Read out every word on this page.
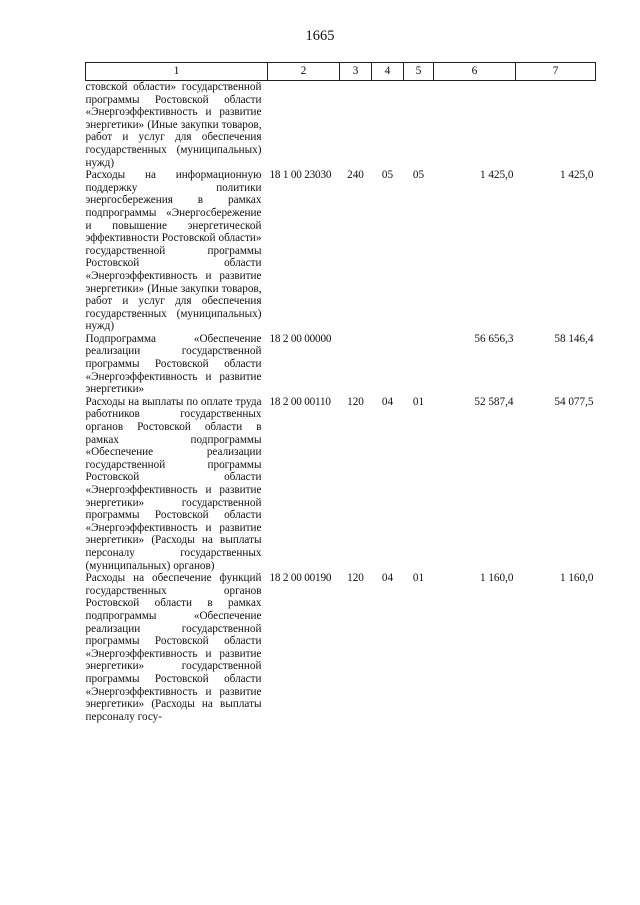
1665
1	2	3	4	5	6	7
стовской области» государственной программы Ростовской области «Энергоэффективность и развитие энергетики» (Иные закупки товаров, работ и услуг для обеспечения государственных (муниципальных) нужд)						
Расходы на информационную поддержку политики энергосбережения в рамках подпрограммы «Энергосбережение и повышение энергетической эффективности Ростовской области» государственной программы Ростовской области «Энергоэффективность и развитие энергетики» (Иные закупки товаров, работ и услуг для обеспечения государственных (муниципальных) нужд)	18 1 00 23030	240	05	05	1 425,0	1 425,0
Подпрограмма «Обеспечение реализации государственной программы Ростовской области «Энергоэффективность и развитие энергетики»	18 2 00 00000				56 656,3	58 146,4
Расходы на выплаты по оплате труда работников государственных органов Ростовской области в рамках подпрограммы «Обеспечение реализации государственной программы Ростовской области «Энергоэффективность и развитие энергетики» государственной программы Ростовской области «Энергоэффективность и развитие энергетики» (Расходы на выплаты персоналу государственных (муниципальных) органов)	18 2 00 00110	120	04	01	52 587,4	54 077,5
Расходы на обеспечение функций государственных органов Ростовской области в рамках подпрограммы «Обеспечение реализации государственной программы Ростовской области «Энергоэффективность и развитие энергетики» государственной программы Ростовской области «Энергоэффективность и развитие энергетики» (Расходы на выплаты персоналу госу-	18 2 00 00190	120	04	01	1 160,0	1 160,0
